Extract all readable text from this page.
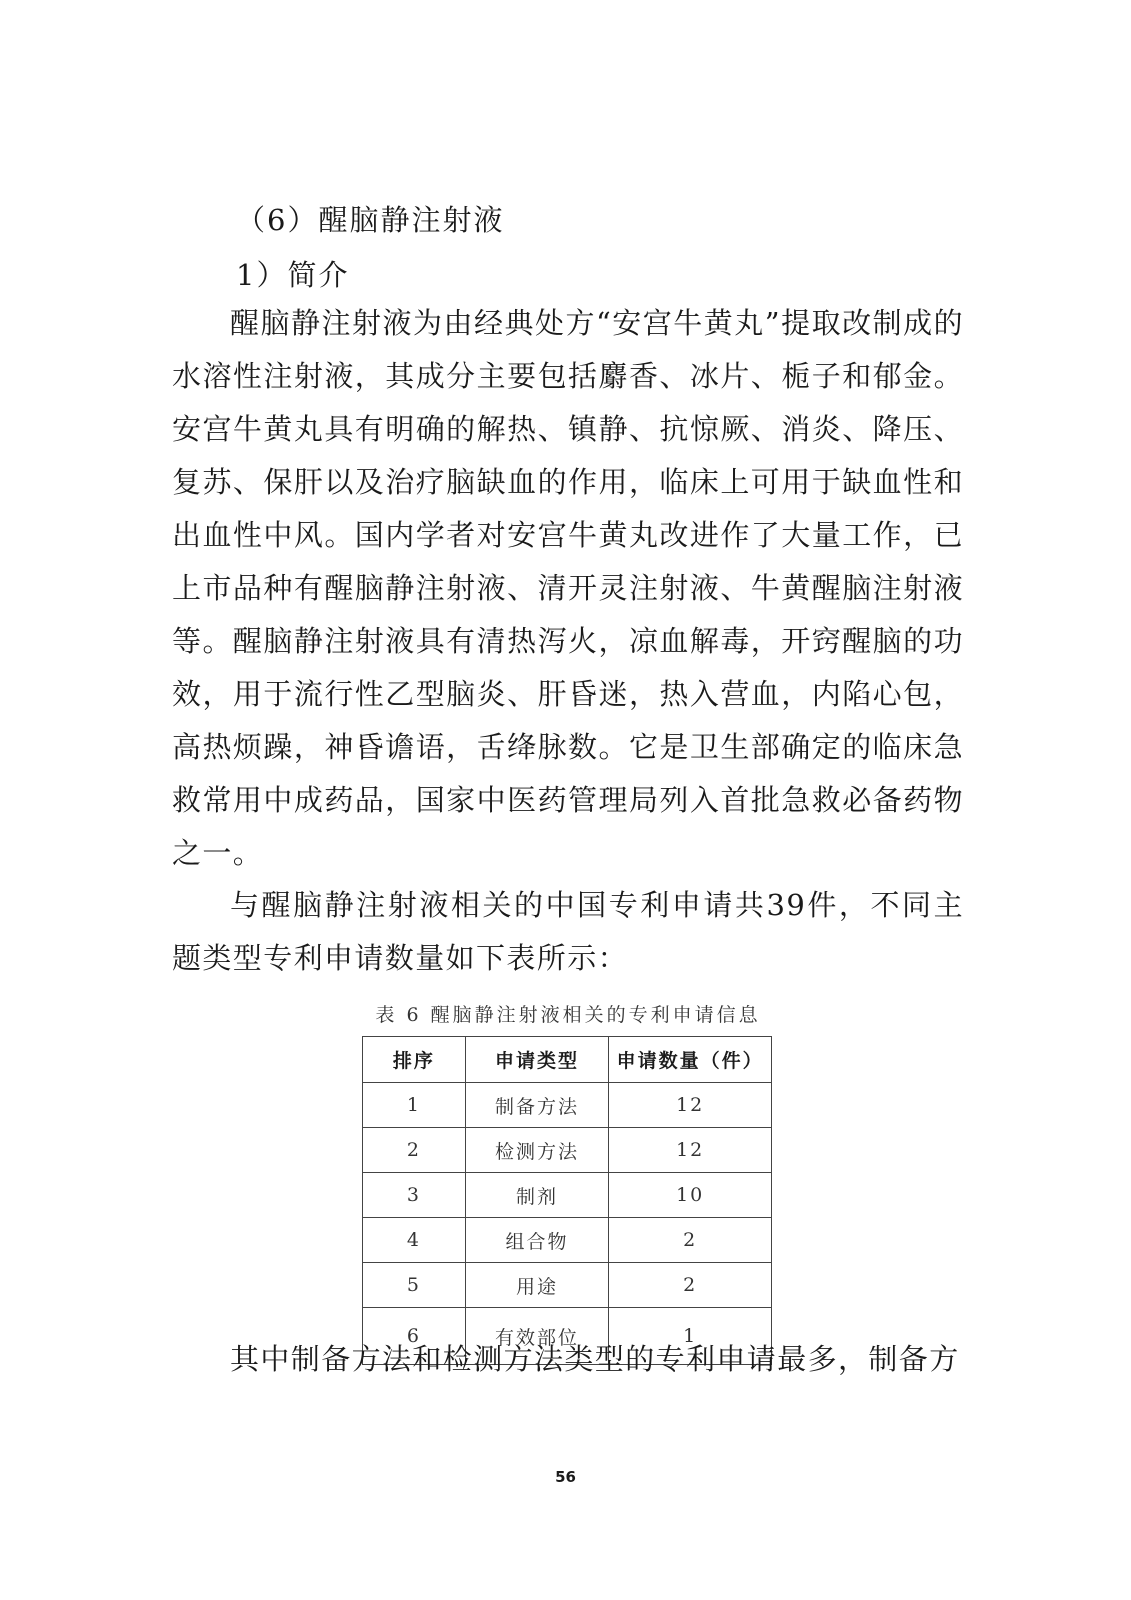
（6）醒脑静注射液
1）简介

醒脑静注射液为由经典处方“安宫牛黄丸”提取改制成的水溶性注射液，其成分主要包括麝香、冰片、栀子和郁金。安宫牛黄丸具有明确的解热、镇静、抗惊厥、消炎、降压、复苏、保肝以及治疗脑缺血的作用，临床上可用于缺血性和出血性中风。国内学者对安宫牛黄丸改进作了大量工作，已上市品种有醒脑静注射液、清开灵注射液、牛黄醒脑注射液等。醒脑静注射液具有清热泻火，凉血解毒，开窍醒脑的功效，用于流行性乙型脑炎、肝昏迷，热入营血，内陷心包，高热烦躁，神昏谵语，舌绛脉数。它是卫生部确定的临床急救常用中成药品，国家中医药管理局列入首批急救必备药物之一。

与醒脑静注射液相关的中国专利申请共39件，不同主题类型专利申请数量如下表所示：

表 6 醒脑静注射液相关的专利申请信息
排序	申请类型	申请数量（件）
1	制备方法	12
2	检测方法	12
3	制剂	10
4	组合物	2
5	用途	2
6	有效部位	1

其中制备方法和检测方法类型的专利申请最多，制备方

56
